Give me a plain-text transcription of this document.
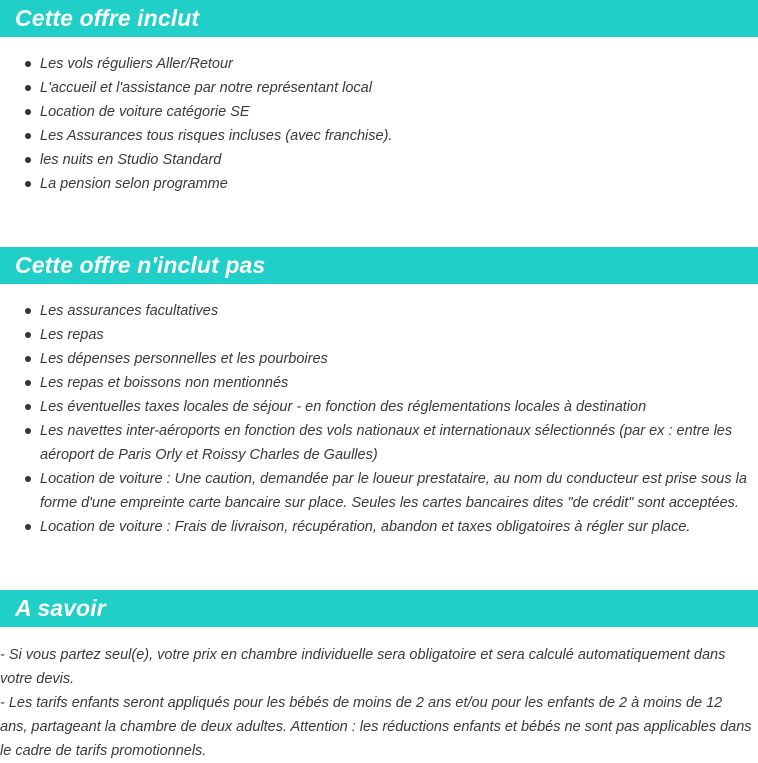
Cette offre inclut
Les vols réguliers Aller/Retour
L'accueil et l'assistance par notre représentant local
Location de voiture catégorie SE
Les Assurances tous risques incluses (avec franchise).
les nuits en Studio Standard
La pension selon programme
Cette offre n'inclut pas
Les assurances facultatives
Les repas
Les dépenses personnelles et les pourboires
Les repas et boissons non mentionnés
Les éventuelles taxes locales de séjour - en fonction des réglementations locales à destination
Les navettes inter-aéroports en fonction des vols nationaux et internationaux sélectionnés (par ex : entre les aéroport de Paris Orly et Roissy Charles de Gaulles)
Location de voiture : Une caution, demandée par le loueur prestataire, au nom du conducteur est prise sous la forme d'une empreinte carte bancaire sur place. Seules les cartes bancaires dites "de crédit" sont acceptées.
Location de voiture : Frais de livraison, récupération, abandon et taxes obligatoires à régler sur place.
A savoir

- Si vous partez seul(e), votre prix en chambre individuelle sera obligatoire et sera calculé automatiquement dans votre devis.

- Les tarifs enfants seront appliqués pour les bébés de moins de 2 ans et/ou pour les enfants de 2 à moins de 12 ans, partageant la chambre de deux adultes. Attention : les réductions enfants et bébés ne sont pas applicables dans le cadre de tarifs promotionnels.
